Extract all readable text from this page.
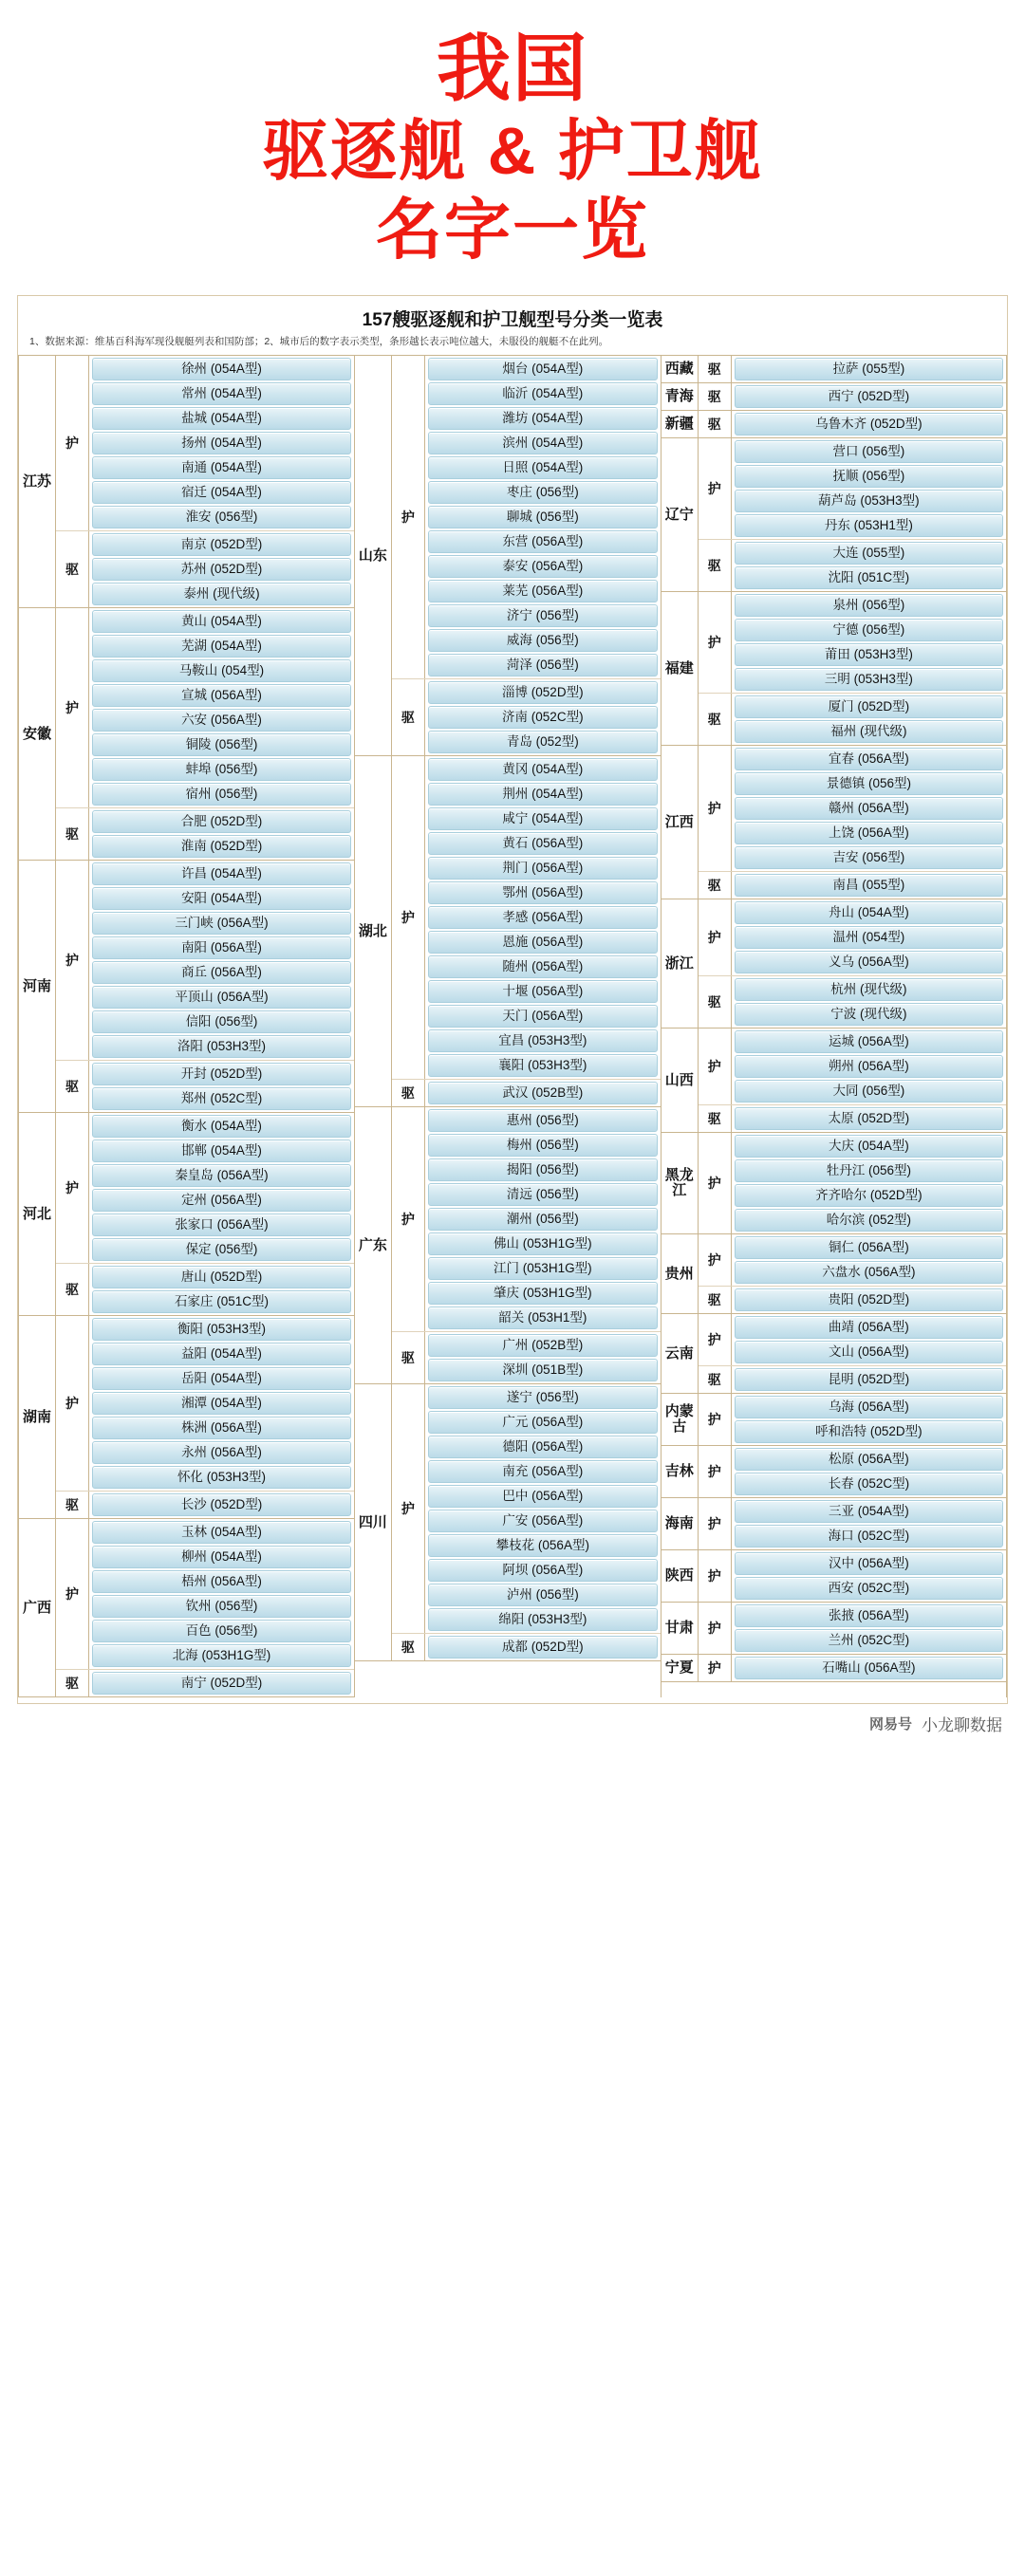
我国
驱逐舰 & 护卫舰
名字一览
157艘驱逐舰和护卫舰型号分类一览表
1、数据来源：维基百科海军现役舰艇列表和国防部；2、城市后的数字表示类型，条形越长表示吨位越大，未服役的舰艇不在此列。
江苏
护
徐州 (054A型)
常州 (054A型)
盐城 (054A型)
扬州 (054A型)
南通 (054A型)
宿迁 (054A型)
淮安 (056型)
驱
南京 (052D型)
苏州 (052D型)
泰州 (现代级)
安徽
护
黄山 (054A型)
芜湖 (054A型)
马鞍山 (054型)
宣城 (056A型)
六安 (056A型)
铜陵 (056型)
蚌埠 (056型)
宿州 (056型)
驱
合肥 (052D型)
淮南 (052D型)
河南
护
许昌 (054A型)
安阳 (054A型)
三门峡 (056A型)
南阳 (056A型)
商丘 (056A型)
平顶山 (056A型)
信阳 (056型)
洛阳 (053H3型)
驱
开封 (052D型)
郑州 (052C型)
河北
护
衡水 (054A型)
邯郸 (054A型)
秦皇岛 (056A型)
定州 (056A型)
张家口 (056A型)
保定 (056型)
驱
唐山 (052D型)
石家庄 (051C型)
湖南
护
衡阳 (053H3型)
益阳 (054A型)
岳阳 (054A型)
湘潭 (054A型)
株洲 (056A型)
永州 (056A型)
怀化 (053H3型)
驱	长沙 (052D型)
广西
护
玉林 (054A型)
柳州 (054A型)
梧州 (056A型)
钦州 (056型)
百色 (056型)
北海 (053H1G型)
驱	南宁 (052D型)
山东
护
烟台 (054A型)
临沂 (054A型)
潍坊 (054A型)
滨州 (054A型)
日照 (054A型)
枣庄 (056型)
聊城 (056型)
东营 (056A型)
泰安 (056A型)
莱芜 (056A型)
济宁 (056型)
威海 (056型)
菏泽 (056型)
驱
淄博 (052D型)
济南 (052C型)
青岛 (052型)
湖北
护
黄冈 (054A型)
荆州 (054A型)
咸宁 (054A型)
黄石 (056A型)
荆门 (056A型)
鄂州 (056A型)
孝感 (056A型)
恩施 (056A型)
随州 (056A型)
十堰 (056A型)
天门 (056A型)
宜昌 (053H3型)
襄阳 (053H3型)
驱	武汉 (052B型)
广东
护
惠州 (056型)
梅州 (056型)
揭阳 (056型)
清远 (056型)
潮州 (056型)
佛山 (053H1G型)
江门 (053H1G型)
肇庆 (053H1G型)
韶关 (053H1型)
驱
广州 (052B型)
深圳 (051B型)
四川
护
遂宁 (056型)
广元 (056A型)
德阳 (056A型)
南充 (056A型)
巴中 (056A型)
广安 (056A型)
攀枝花 (056A型)
阿坝 (056A型)
泸州 (056型)
绵阳 (053H3型)
驱	成都 (052D型)
西藏	驱	拉萨 (055型)
青海	驱	西宁 (052D型)
新疆	驱	乌鲁木齐 (052D型)
辽宁
护
营口 (056型)
抚顺 (056型)
葫芦岛 (053H3型)
丹东 (053H1型)
驱
大连 (055型)
沈阳 (051C型)
福建
护
泉州 (056型)
宁德 (056型)
莆田 (053H3型)
三明 (053H3型)
驱
厦门 (052D型)
福州 (现代级)
江西
护
宜春 (056A型)
景德镇 (056型)
赣州 (056A型)
上饶 (056A型)
吉安 (056型)
驱	南昌 (055型)
浙江
护
舟山 (054A型)
温州 (054型)
义乌 (056A型)
驱
杭州 (现代级)
宁波 (现代级)
山西
护
运城 (056A型)
朔州 (056A型)
大同 (056型)
驱	太原 (052D型)
黑龙江	护
大庆 (054A型)
牡丹江 (056型)
齐齐哈尔 (052D型)
哈尔滨 (052型)
贵州
护
铜仁 (056A型)
六盘水 (056A型)
驱	贵阳 (052D型)
云南
护
曲靖 (056A型)
文山 (056A型)
驱	昆明 (052D型)
内蒙古	护
乌海 (056A型)
呼和浩特 (052D型)
吉林	护
松原 (056A型)
长春 (052C型)
海南	护
三亚 (054A型)
海口 (052C型)
陕西	护
汉中 (056A型)
西安 (052C型)
甘肃	护
张掖 (056A型)
兰州 (052C型)
宁夏	护	石嘴山 (056A型)
网易号 小龙聊数据
